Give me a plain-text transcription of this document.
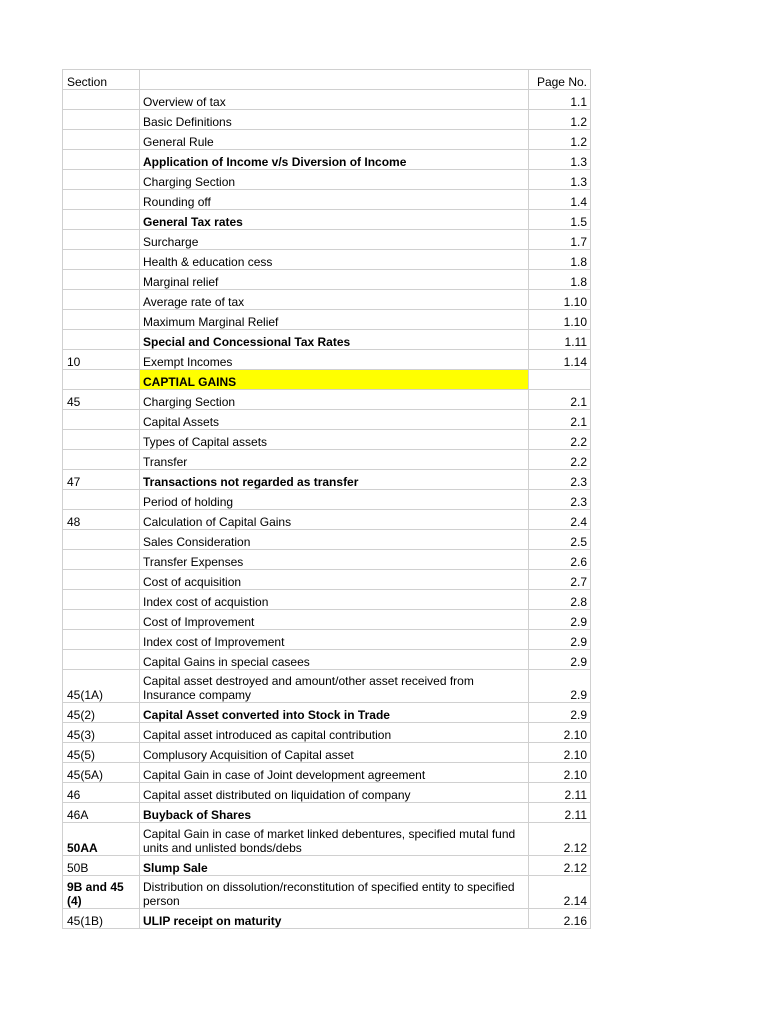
Section		Page No.
	Overview of tax	1.1
	Basic Definitions	1.2
	General Rule	1.2
	Application of Income v/s Diversion of Income	1.3
	Charging Section	1.3
	Rounding off	1.4
	General Tax rates	1.5
	Surcharge	1.7
	Health & education cess	1.8
	Marginal relief	1.8
	Average rate of tax	1.10
	Maximum Marginal Relief	1.10
	Special and Concessional Tax Rates	1.11
10	Exempt Incomes	1.14
	CAPTIAL GAINS	
45	Charging Section	2.1
	Capital Assets	2.1
	Types of Capital assets	2.2
	Transfer	2.2
47	Transactions not regarded as transfer	2.3
	Period of holding	2.3
48	Calculation of Capital Gains	2.4
	Sales Consideration	2.5
	Transfer Expenses	2.6
	Cost of acquisition	2.7
	Index cost of acquistion	2.8
	Cost of Improvement	2.9
	Index cost of Improvement	2.9
	Capital Gains in special casees	2.9
45(1A)	Capital asset destroyed and amount/other asset received from Insurance compamy	2.9
45(2)	Capital Asset converted into Stock in Trade	2.9
45(3)	Capital asset introduced as capital contribution	2.10
45(5)	Complusory Acquisition of Capital asset	2.10
45(5A)	Capital Gain in case of Joint development agreement	2.10
46	Capital asset distributed on liquidation of company	2.11
46A	Buyback of Shares	2.11
50AA	Capital Gain in case of market linked debentures, specified mutal fund units and unlisted bonds/debs	2.12
50B	Slump Sale	2.12
9B and 45 (4)	Distribution on dissolution/reconstitution of specified entity to specified person	2.14
45(1B)	ULIP receipt on maturity	2.16
